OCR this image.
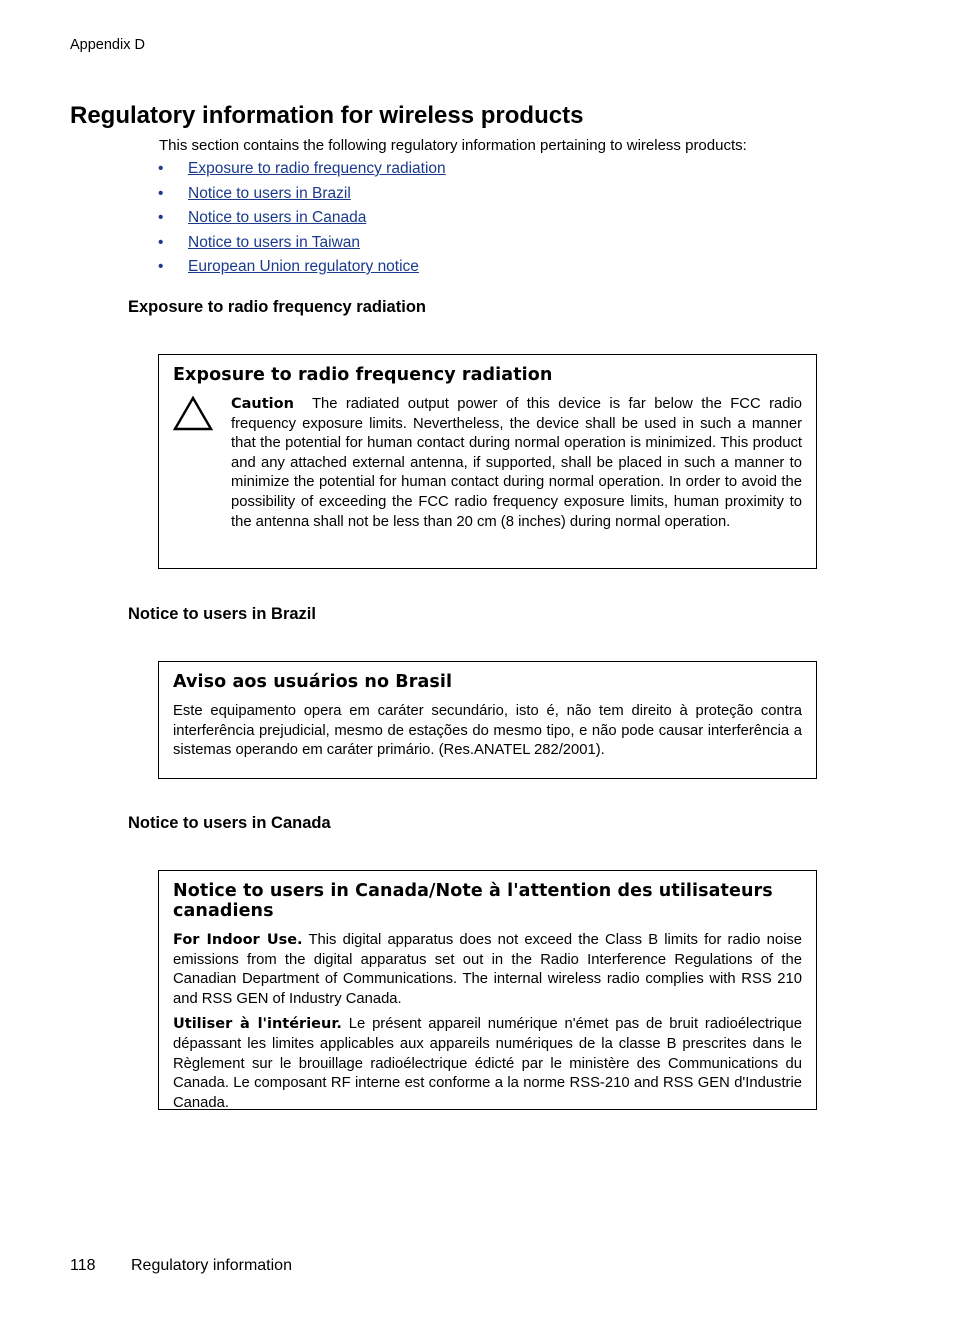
Appendix D
Regulatory information for wireless products

This section contains the following regulatory information pertaining to wireless products:

• Exposure to radio frequency radiation
• Notice to users in Brazil
• Notice to users in Canada
• Notice to users in Taiwan
• European Union regulatory notice
Exposure to radio frequency radiation
Exposure to radio frequency radiation

Caution The radiated output power of this device is far below the FCC radio frequency exposure limits. Nevertheless, the device shall be used in such a manner that the potential for human contact during normal operation is minimized. This product and any attached external antenna, if supported, shall be placed in such a manner to minimize the potential for human contact during normal operation. In order to avoid the possibility of exceeding the FCC radio frequency exposure limits, human proximity to the antenna shall not be less than 20 cm (8 inches) during normal operation.

Notice to users in Brazil
Aviso aos usuários no Brasil

Este equipamento opera em caráter secundário, isto é, não tem direito à proteção contra interferência prejudicial, mesmo de estações do mesmo tipo, e não pode causar interferência a sistemas operando em caráter primário. (Res.ANATEL 282/2001).

Notice to users in Canada
Notice to users in Canada/Note à l'attention des utilisateurs canadiens

For Indoor Use. This digital apparatus does not exceed the Class B limits for radio noise emissions from the digital apparatus set out in the Radio Interference Regulations of the Canadian Department of Communications. The internal wireless radio complies with RSS 210 and RSS GEN of Industry Canada.

Utiliser à l'intérieur. Le présent appareil numérique n'émet pas de bruit radioélectrique dépassant les limites applicables aux appareils numériques de la classe B prescrites dans le Règlement sur le brouillage radioélectrique édicté par le ministère des Communications du Canada. Le composant RF interne est conforme a la norme RSS-210 and RSS GEN d'Industrie Canada.

118 Regulatory information
